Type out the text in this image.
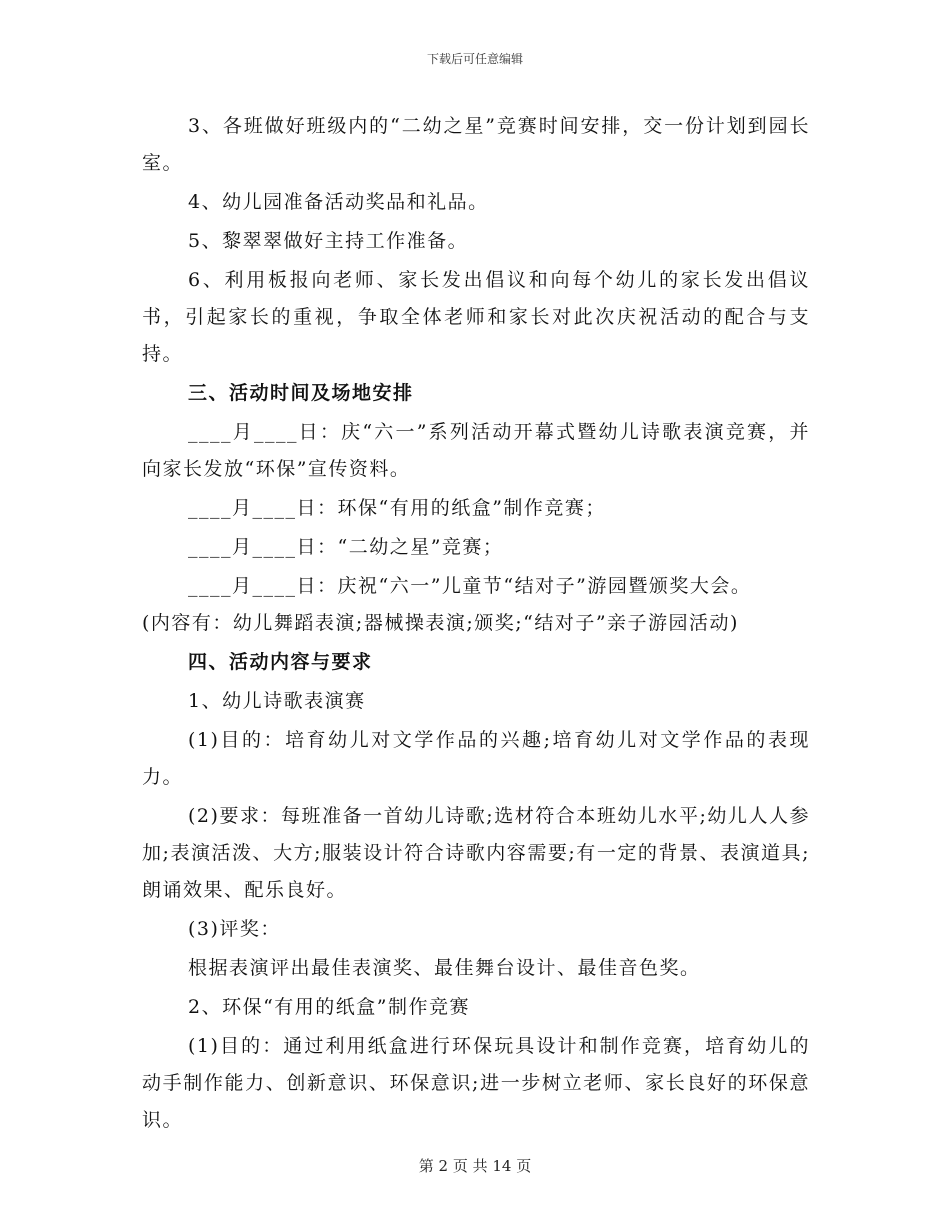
下载后可任意编辑

3、各班做好班级内的“二幼之星”竞赛时间安排，交一份计划到园长室。

4、幼儿园准备活动奖品和礼品。

5、黎翠翠做好主持工作准备。

6、利用板报向老师、家长发出倡议和向每个幼儿的家长发出倡议书，引起家长的重视，争取全体老师和家长对此次庆祝活动的配合与支持。

三、活动时间及场地安排

____月____日：庆“六一”系列活动开幕式暨幼儿诗歌表演竞赛，并向家长发放“环保”宣传资料。

____月____日：环保“有用的纸盒”制作竞赛；

____月____日：“二幼之星”竞赛；

____月____日：庆祝“六一”儿童节“结对子”游园暨颁奖大会。

(内容有：幼儿舞蹈表演;器械操表演;颁奖;“结对子”亲子游园活动)

四、活动内容与要求

1、幼儿诗歌表演赛

(1)目的：培育幼儿对文学作品的兴趣;培育幼儿对文学作品的表现力。

(2)要求：每班准备一首幼儿诗歌;选材符合本班幼儿水平;幼儿人人参加;表演活泼、大方;服装设计符合诗歌内容需要;有一定的背景、表演道具;朗诵效果、配乐良好。

(3)评奖：

根据表演评出最佳表演奖、最佳舞台设计、最佳音色奖。

2、环保“有用的纸盒”制作竞赛

(1)目的：通过利用纸盒进行环保玩具设计和制作竞赛，培育幼儿的动手制作能力、创新意识、环保意识;进一步树立老师、家长良好的环保意识。

第 2 页 共 14 页
